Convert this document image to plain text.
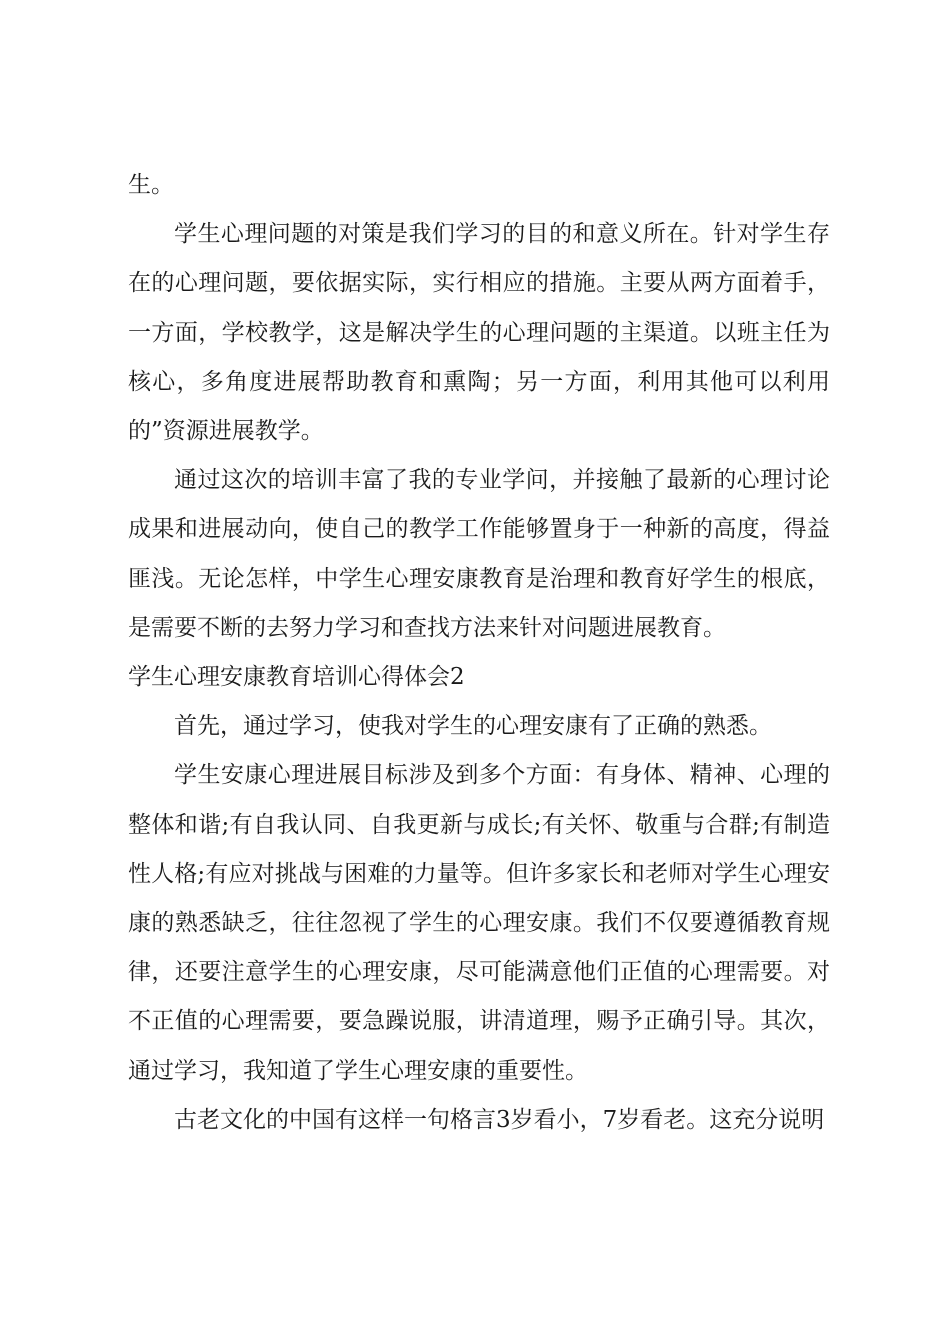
生。

学生心理问题的对策是我们学习的目的和意义所在。针对学生存在的心理问题，要依据实际，实行相应的措施。主要从两方面着手，一方面，学校教学，这是解决学生的心理问题的主渠道。以班主任为核心，多角度进展帮助教育和熏陶；另一方面，利用其他可以利用的”资源进展教学。

通过这次的培训丰富了我的专业学问，并接触了最新的心理讨论成果和进展动向，使自己的教学工作能够置身于一种新的高度，得益匪浅。无论怎样，中学生心理安康教育是治理和教育好学生的根底，是需要不断的去努力学习和查找方法来针对问题进展教育。

学生心理安康教育培训心得体会2

首先，通过学习，使我对学生的心理安康有了正确的熟悉。

学生安康心理进展目标涉及到多个方面：有身体、精神、心理的整体和谐;有自我认同、自我更新与成长;有关怀、敬重与合群;有制造性人格;有应对挑战与困难的力量等。但许多家长和老师对学生心理安康的熟悉缺乏，往往忽视了学生的心理安康。我们不仅要遵循教育规律，还要注意学生的心理安康，尽可能满意他们正值的心理需要。对不正值的心理需要，要急躁说服，讲清道理，赐予正确引导。其次，通过学习，我知道了学生心理安康的重要性。

古老文化的中国有这样一句格言3岁看小，7岁看老。这充分说明
